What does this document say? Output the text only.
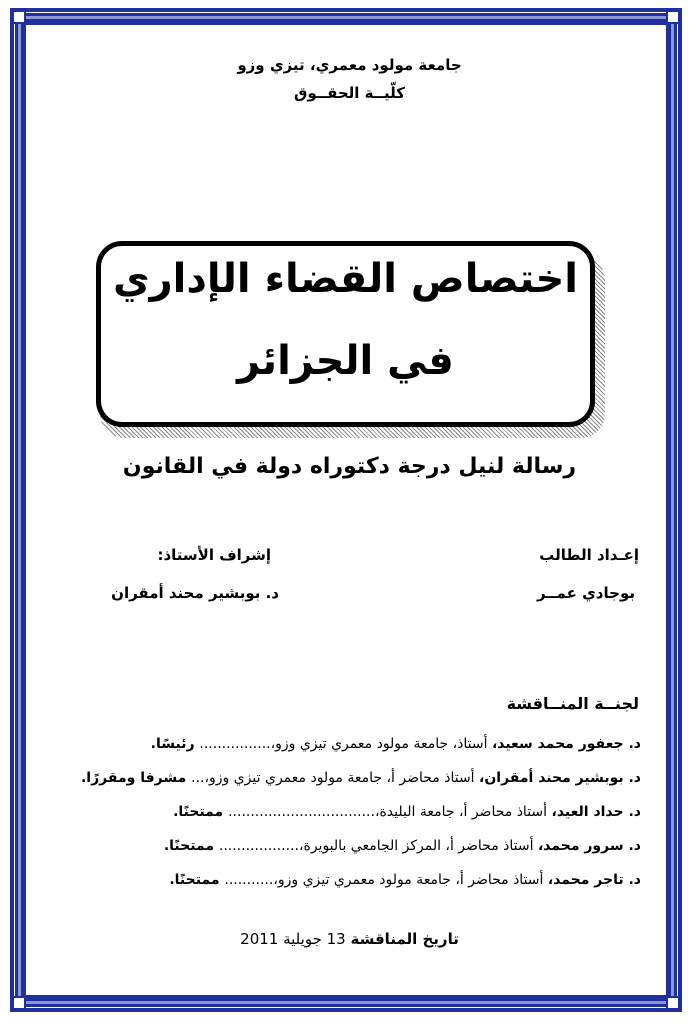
جامعة مولود معمري، تيزي وزو
كلّيــة الحقــوق
اختصاص القضاء الإداري
في الجزائر
رسالة لنيل درجة دكتوراه دولة في القانون
إعـداد الطالب
بوجادي عمــر
إشراف الأستاذ:
د. بوبشير محند أمقران
لجنــة المنــاقشة
د. جعفور محمد سعيد، أستاذ، جامعة مولود معمري تيزي وزو،................ رئيسًا.
د. بوبشير محند أمقران، أستاذ محاضر أ، جامعة مولود معمري تيزي وزو،... مشرفا ومقررًا.
د. حداد العيد، أستاذ محاضر أ، جامعة البليدة،................................. ممتحنًا.
د. سرور محمد، أستاذ محاضر أ، المركز الجامعي بالبويرة،.................. ممتحنًا.
د. تاجر محمد، أستاذ محاضر أ، جامعة مولود معمري تيزي وزو،........... ممتحنًا.
تاريخ المناقشة 13 جويلية 2011
